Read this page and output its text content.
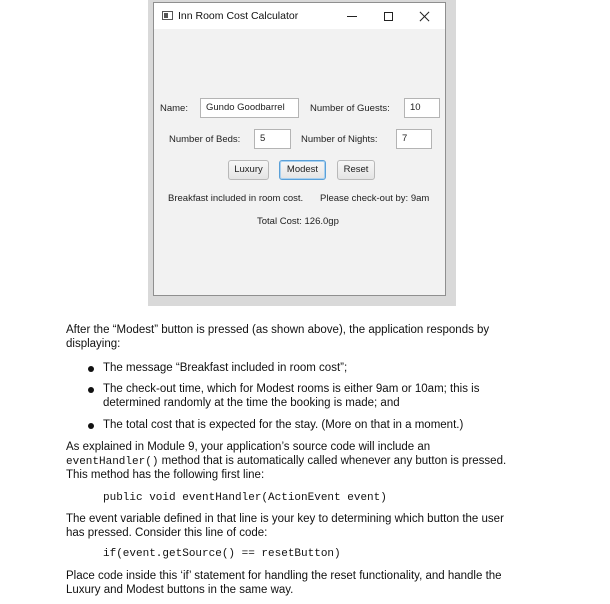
Inn Room Cost Calculator
Name:	Gundo Goodbarrel	Number of Guests:	10
Number of Beds:	5	Number of Nights:	7
Luxury	Modest	Reset
Breakfast included in room cost. Please check-out by: 9am
Total Cost: 126.0gp
After the “Modest” button is pressed (as shown above), the application responds by
displaying:
The message “Breakfast included in room cost”;
The check-out time, which for Modest rooms is either 9am or 10am; this is
determined randomly at the time the booking is made; and
The total cost that is expected for the stay. (More on that in a moment.)
As explained in Module 9, your application’s source code will include an
eventHandler() method that is automatically called whenever any button is pressed.
This method has the following first line:
public void eventHandler(ActionEvent event)
The event variable defined in that line is your key to determining which button the user
has pressed. Consider this line of code:
if(event.getSource() == resetButton)
Place code inside this ‘if’ statement for handling the reset functionality, and handle the
Luxury and Modest buttons in the same way.
